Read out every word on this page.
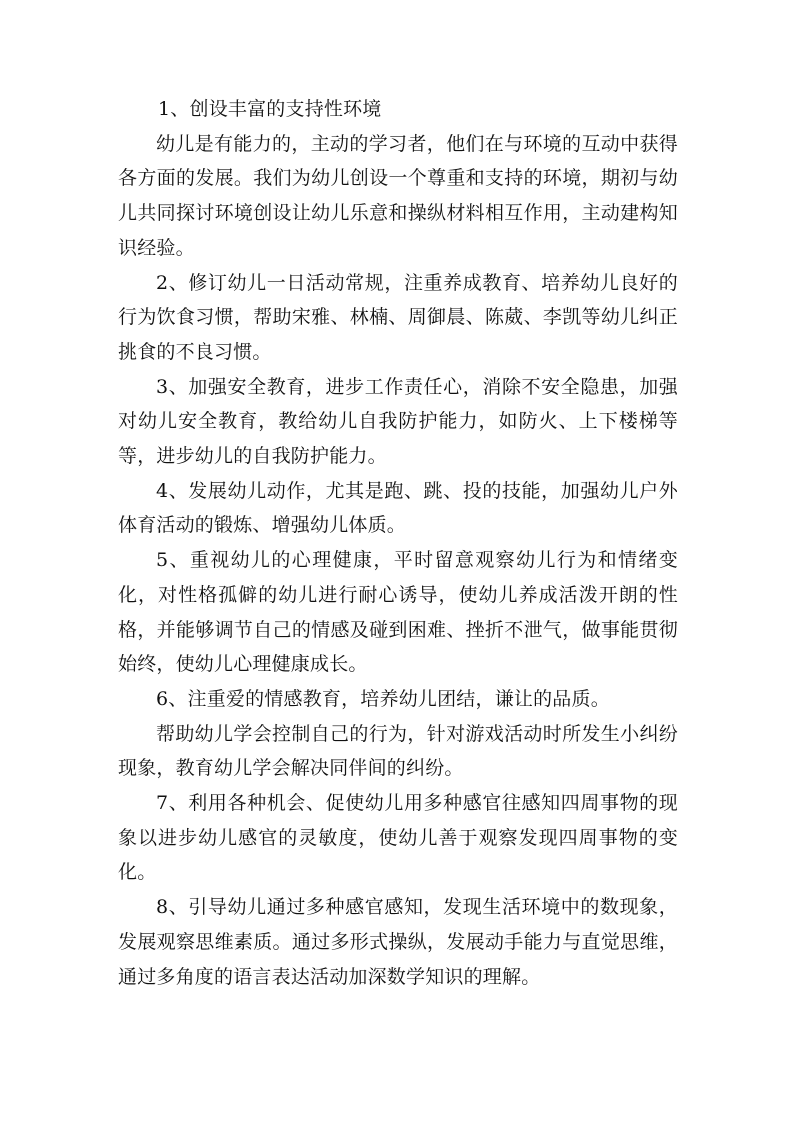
1、创设丰富的支持性环境

幼儿是有能力的，主动的学习者，他们在与环境的互动中获得各方面的发展。我们为幼儿创设一个尊重和支持的环境，期初与幼儿共同探讨环境创设让幼儿乐意和操纵材料相互作用，主动建构知识经验。

2、修订幼儿一日活动常规，注重养成教育、培养幼儿良好的行为饮食习惯，帮助宋雅、林楠、周御晨、陈葳、李凯等幼儿纠正挑食的不良习惯。

3、加强安全教育，进步工作责任心，消除不安全隐患，加强对幼儿安全教育，教给幼儿自我防护能力，如防火、上下楼梯等等，进步幼儿的自我防护能力。

4、发展幼儿动作，尤其是跑、跳、投的技能，加强幼儿户外体育活动的锻炼、增强幼儿体质。

5、重视幼儿的心理健康，平时留意观察幼儿行为和情绪变化，对性格孤僻的幼儿进行耐心诱导，使幼儿养成活泼开朗的性格，并能够调节自己的情感及碰到困难、挫折不泄气，做事能贯彻始终，使幼儿心理健康成长。

6、注重爱的情感教育，培养幼儿团结，谦让的品质。

帮助幼儿学会控制自己的行为，针对游戏活动时所发生小纠纷现象，教育幼儿学会解决同伴间的纠纷。

7、利用各种机会、促使幼儿用多种感官往感知四周事物的现象以进步幼儿感官的灵敏度，使幼儿善于观察发现四周事物的变化。

8、引导幼儿通过多种感官感知，发现生活环境中的数现象，发展观察思维素质。通过多形式操纵，发展动手能力与直觉思维，通过多角度的语言表达活动加深数学知识的理解。
